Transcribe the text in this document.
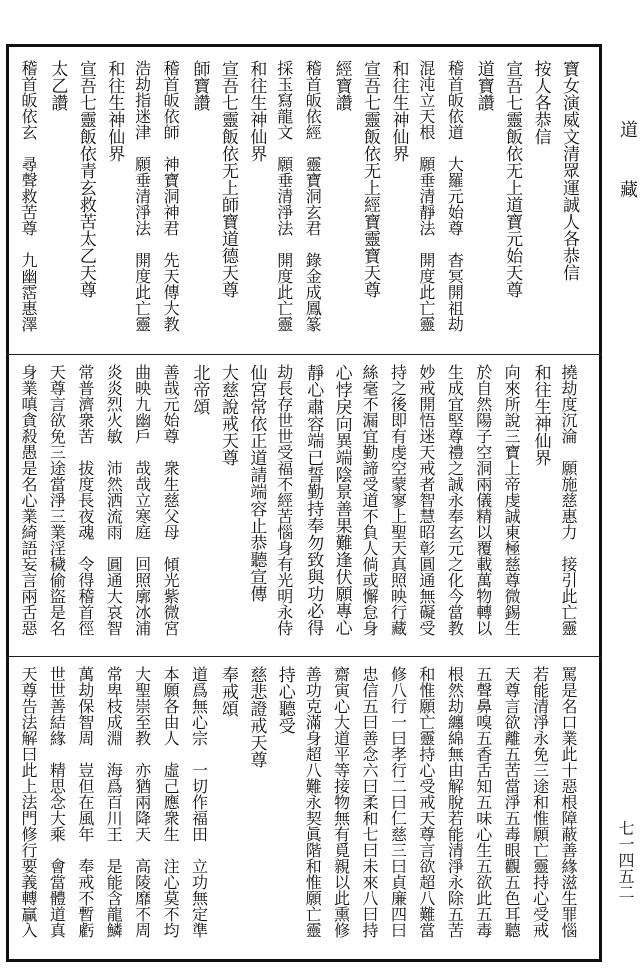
道
藏
七一四五二
寶女演威文清眾運誠人各恭信
按人各恭信
宣吾七靈飯依无上道寶元始天尊
道寶讚
稽首皈依道　大羅元始尊　杳冥開祖劫
混沌立天根　願垂清靜法　開度此亡靈
和往生神仙界
宣吾七靈飯依无上經寶靈寶天尊
經寶讚
稽首皈依經　靈寶洞玄君　錄金成鳳篆
採玉寫龍文　願垂清淨法　開度此亡靈
和往生神仙界
宣吾七靈飯依无上師寶道德天尊
師寶讚
稽首皈依師　神寶洞神君　先天傳大教
浩劫指迷津　願垂清淨法　開度此亡靈
和往生神仙界
宣吾七靈飯依青玄救苦太乙天尊
太乙讚
稽首皈依玄　尋聲救苦尊　九幽霑惠澤
撓劫度沉淪　願施慈惠力　接引此亡靈
和往生神仙界
向來所說三寶上帝虔誠東極慈尊微錫生
於自然陽子空洞兩儀精以覆載萬物轉以
生成宜堅尊禮之誠永奉玄元之化今當教
妙戒開悟迷天戒者智慧昭彰圓通無礙受
持之後即有虔空蒙寥上聖天真照映行藏
絲毫不漏宜勤諦受道不負人倘或懈怠身
心悖戾向異端陰景善果難逢伏願專心
靜心肅容端已誓勤持奉勿致與功必得
劫長存世世受福不經苦惱身有光明永侍
仙宮常依正道請端容止恭聽宣傳
大慈說戒天尊
北帝頌
善哉元始尊　衆生慈父母　傾光紫微宮
曲映九幽戶　哉哉立寒庭　回照廓冰浦
炎炎烈火敏　沛然洒流雨　圓通大哀智
常普濟衆苦　拔度長夜魂　令得稽首徑
天尊言欲免三途當淨三業淫穢偷盜是名
身業嗔貪殺愚是名心業綺語妄言兩舌惡
罵是名口業此十惡根障蔽善緣滋生罪惱
若能清淨永免三途和惟願亡靈持心受戒
天尊言欲離五苦當淨五毒眼觀五色耳聽
五聲鼻嗅五香舌知五味心生五欲此五毒
根然劫纏綿無由解脫若能清淨永除五苦
和惟願亡靈持心受戒天尊言欲超八難當
修八行一曰孝行二曰仁慈三曰貞廉四曰
忠信五曰善念六曰柔和七曰未來八曰持
齋寅心大道平等接物無有覓親以此熏修
善功克滿身超八難永契眞階和惟願亡靈
持心聽受
慈悲證戒天尊
奉戒頌
道爲無心宗　一切作福田　立功無定準
本願各由人　虛己應衆生　注心莫不均
大聖崇至教　亦猶兩降天　高陵靡不周
常卑枝成淵　海爲百川王　是能含龍鱗
萬劫保智周　豈但在風年　奉戒不暫虧
世世善結緣　精思念大乘　會當體道真
天尊告法解曰此上法門修行要義轉贏入
